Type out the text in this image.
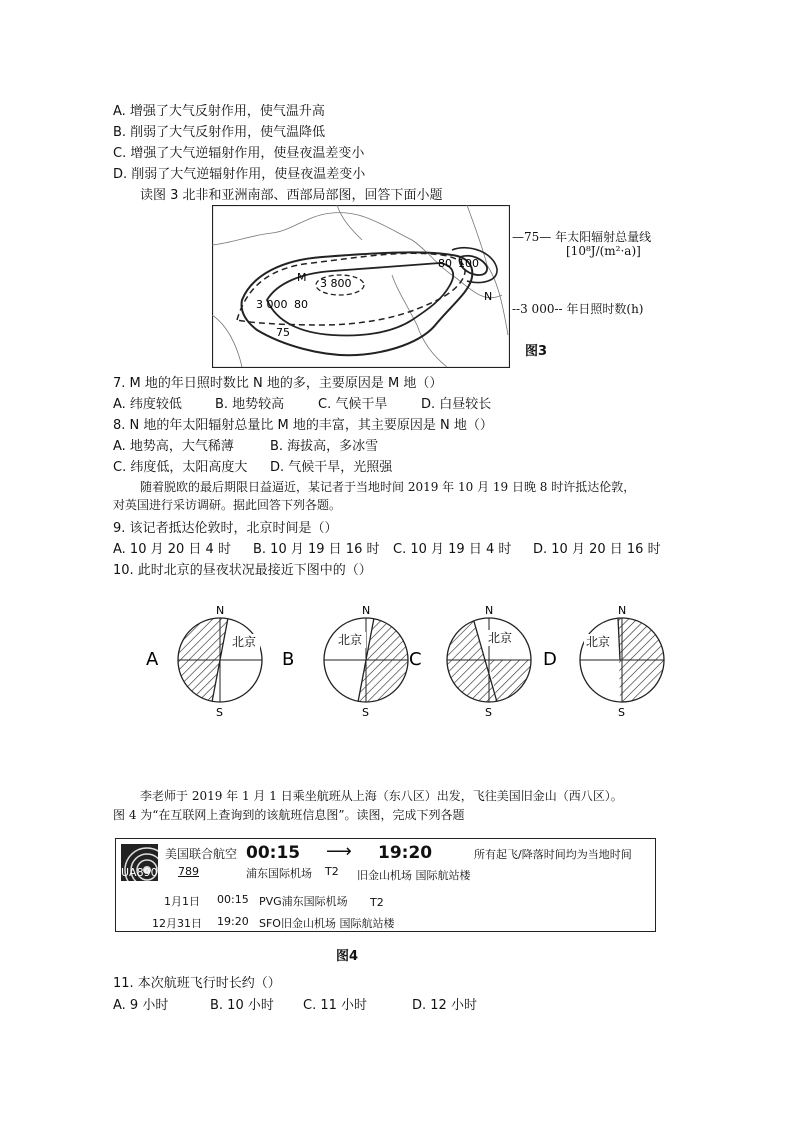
A. 增强了大气反射作用，使气温升高
B. 削弱了大气反射作用，使气温降低
C. 增强了大气逆辐射作用，使昼夜温差变小
D. 削弱了大气逆辐射作用，使昼夜温差变小
读图 3 北非和亚洲南部、西部局部图，回答下面小题
M 3 800
3 000 80
75
80 100
N
—75— 年太阳辐射总量线
[10⁸J/(m²·a)]
--3 000-- 年日照时数(h)
图3
7. M 地的年日照时数比 N 地的多，主要原因是 M 地（）
A. 纬度较低	B. 地势较高	C. 气候干旱	D. 白昼较长
8. N 地的年太阳辐射总量比 M 地的丰富，其主要原因是 N 地（）
A. 地势高，大气稀薄	B. 海拔高，多冰雪
C. 纬度低，太阳高度大 D. 气候干旱，光照强
随着脱欧的最后期限日益逼近，某记者于当地时间 2019 年 10 月 19 日晚 8 时许抵达伦敦，
对英国进行采访调研。据此回答下列各题。
9. 该记者抵达伦敦时，北京时间是（）
A. 10 月 20 日 4 时 B. 10 月 19 日 16 时 C. 10 月 19 日 4 时 D. 10 月 20 日 16 时
10. 此时北京的昼夜状况最接近下图中的（）
A
N
S
北京
B
N
S
北京
C
N
S
北京
D
N
S
北京
李老师于 2019 年 1 月 1 日乘坐航班从上海（东八区）出发，飞往美国旧金山（西八区）。
图 4 为“在互联网上查询到的该航班信息图”。读图，完成下列各题
美国联合航空 00:15 ⟶ 19:20	所有起飞/降落时间均为当地时间
UA890 789	浦东国际机场 T2 旧金山机场 国际航站楼
1月1日 00:15 PVG浦东国际机场 T2
12月31日 19:20 SFO旧金山机场 国际航站楼
图4
11. 本次航班飞行时长约（）
A. 9 小时	B. 10 小时 C. 11 小时	D. 12 小时
